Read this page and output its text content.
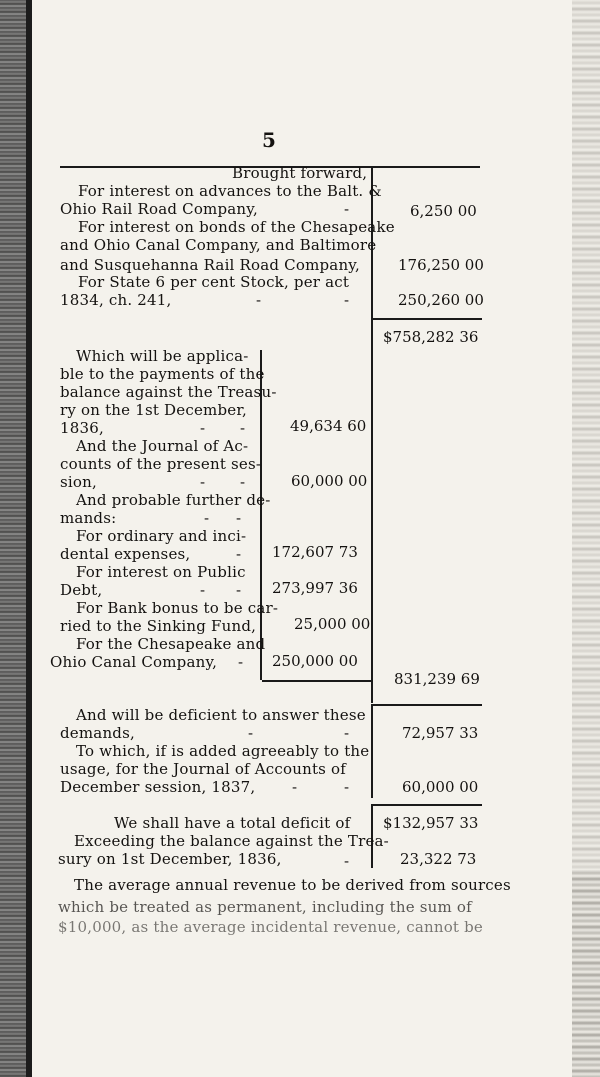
5
Brought forward,
For interest on advances to the Balt. &
Ohio Rail Road Company,	-	6,250 00
For interest on bonds of the Chesapeake
and Ohio Canal Company, and Baltimore
and Susquehanna Rail Road Company,	176,250 00
For State 6 per cent Stock, per act
1834, ch. 241,	-	-	250,260 00
$758,282 36
Which will be applica-
ble to the payments of the
balance against the Treasu-
ry on the 1st December,
1836,	- -	49,634 60
And the Journal of Ac-
counts of the present ses-
sion,	- -	60,000 00
And probable further de-
mands:	- -
For ordinary and inci-
dental expenses,	- 172,607 73
For interest on Public
Debt,	- - 273,997 36
For Bank bonus to be car-
ried to the Sinking Fund,	25,000 00
For the Chesapeake and
Ohio Canal Company, - 250,000 00
831,239 69
And will be deficient to answer these
demands,	-	-	72,957 33
To which, if is added agreeably to the
usage, for the Journal of Accounts of
December session, 1837, -	-	60,000 00
We shall have a total deficit of $132,957 33
Exceeding the balance against the Trea-
sury on 1st December, 1836,	-	23,322 73
The average annual revenue to be derived from sources
which be treated as permanent, including the sum of
$10,000, as the average incidental revenue, cannot be
